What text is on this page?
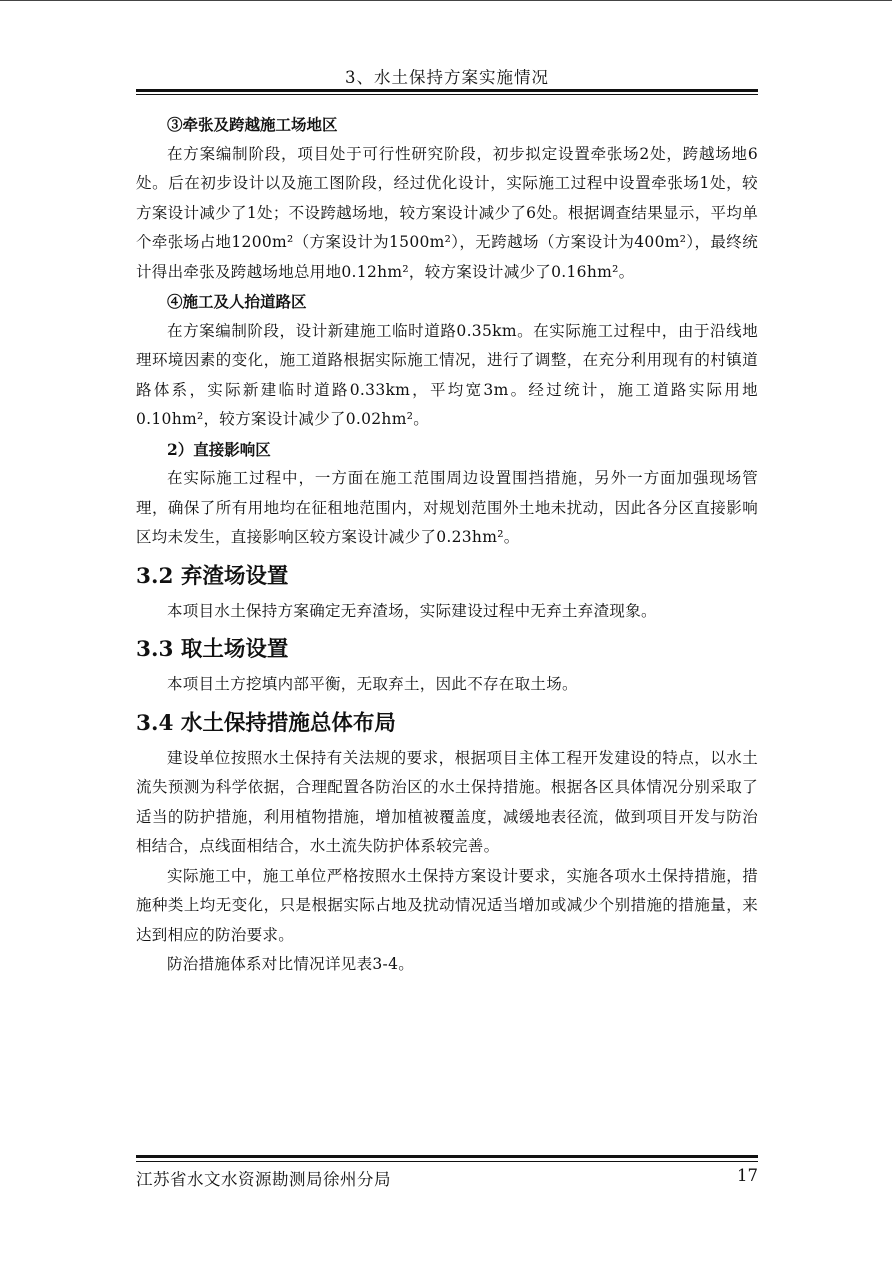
3、水土保持方案实施情况

③牵张及跨越施工场地区

在方案编制阶段，项目处于可行性研究阶段，初步拟定设置牵张场2处，跨越场地6处。后在初步设计以及施工图阶段，经过优化设计，实际施工过程中设置牵张场1处，较方案设计减少了1处；不设跨越场地，较方案设计减少了6处。根据调查结果显示，平均单个牵张场占地1200m²（方案设计为1500m²），无跨越场（方案设计为400m²），最终统计得出牵张及跨越场地总用地0.12hm²，较方案设计减少了0.16hm²。

④施工及人抬道路区

在方案编制阶段，设计新建施工临时道路0.35km。在实际施工过程中，由于沿线地理环境因素的变化，施工道路根据实际施工情况，进行了调整，在充分利用现有的村镇道路体系，实际新建临时道路0.33km，平均宽3m。经过统计，施工道路实际用地0.10hm²，较方案设计减少了0.02hm²。

2）直接影响区

在实际施工过程中，一方面在施工范围周边设置围挡措施，另外一方面加强现场管理，确保了所有用地均在征租地范围内，对规划范围外土地未扰动，因此各分区直接影响区均未发生，直接影响区较方案设计减少了0.23hm²。

3.2 弃渣场设置

本项目水土保持方案确定无弃渣场，实际建设过程中无弃土弃渣现象。

3.3 取土场设置

本项目土方挖填内部平衡，无取弃土，因此不存在取土场。

3.4 水土保持措施总体布局

建设单位按照水土保持有关法规的要求，根据项目主体工程开发建设的特点，以水土流失预测为科学依据，合理配置各防治区的水土保持措施。根据各区具体情况分别采取了适当的防护措施，利用植物措施，增加植被覆盖度，减缓地表径流，做到项目开发与防治相结合，点线面相结合，水土流失防护体系较完善。

实际施工中，施工单位严格按照水土保持方案设计要求，实施各项水土保持措施，措施种类上均无变化，只是根据实际占地及扰动情况适当增加或减少个别措施的措施量，来达到相应的防治要求。

防治措施体系对比情况详见表3-4。

江苏省水文水资源勘测局徐州分局	17
